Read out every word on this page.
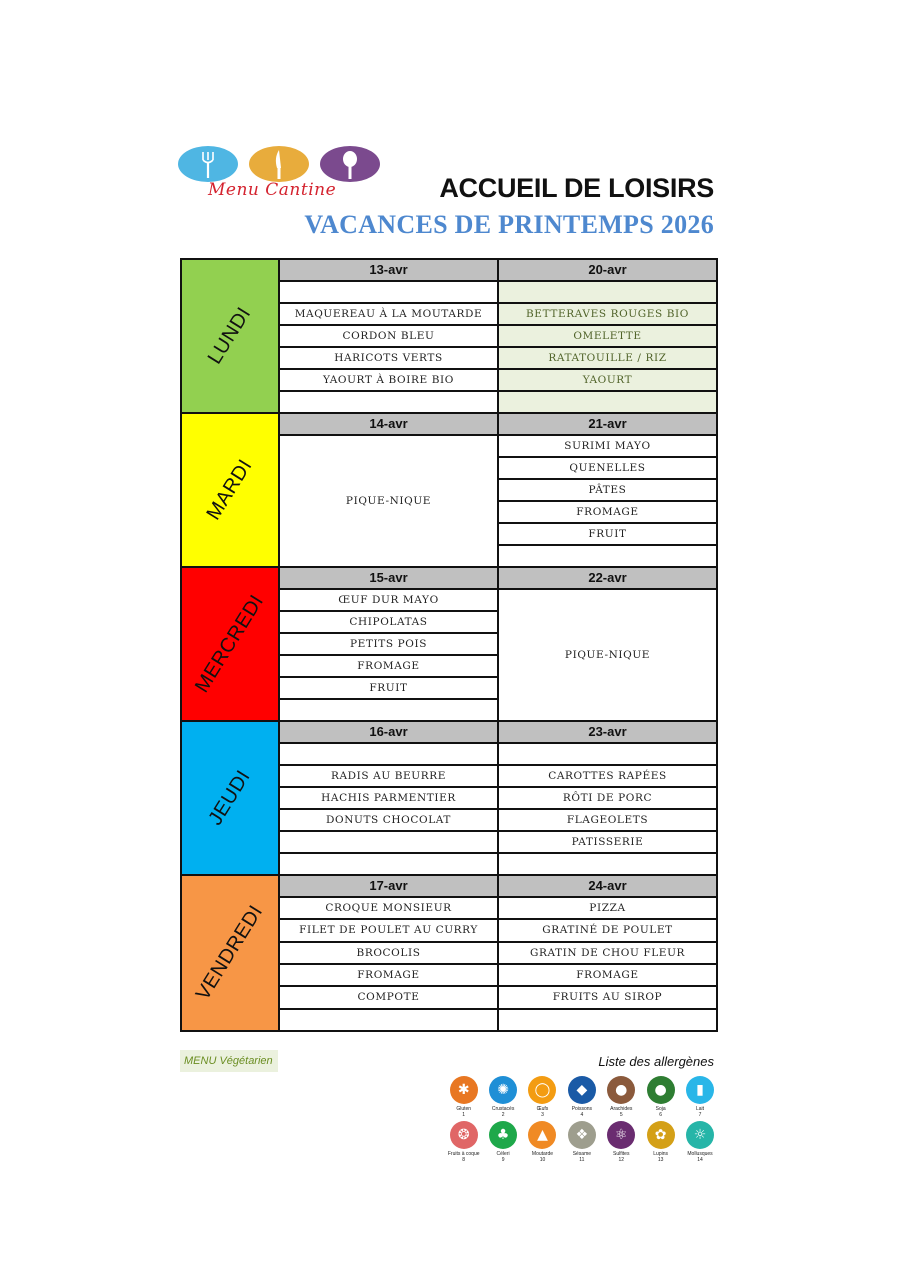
Menu Cantine	ACCUEIL DE LOISIRS
VACANCES DE PRINTEMPS 2026
LUNDI
13-avr
MAQUEREAU À LA MOUTARDE
CORDON BLEU
HARICOTS VERTS
YAOURT À BOIRE BIO
20-avr
BETTERAVES ROUGES BIO
OMELETTE
RATATOUILLE / RIZ
YAOURT
MARDI
14-avr
PIQUE-NIQUE
21-avr
SURIMI MAYO
QUENELLES
PÂTES
FROMAGE
FRUIT
MERCREDI
15-avr
ŒUF DUR MAYO
CHIPOLATAS
PETITS POIS
FROMAGE
FRUIT
22-avr
PIQUE-NIQUE
JEUDI
16-avr
RADIS AU BEURRE
HACHIS PARMENTIER
DONUTS CHOCOLAT
23-avr
CAROTTES RAPÉES
RÔTI DE PORC
FLAGEOLETS
PATISSERIE
VENDREDI
17-avr
CROQUE MONSIEUR
FILET DE POULET AU CURRY
BROCOLIS
FROMAGE
COMPOTE
24-avr
PIZZA
GRATINÉ DE POULET
GRATIN DE CHOU FLEUR
FROMAGE
FRUITS AU SIROP
MENU Végétarien	Liste des allergènes
✱
Gluten
1
✺
Crustacés
2
◯
Œufs
3
◆
Poissons
4
●
Arachides
5
●
Soja
6
▮
Lait
7
❂
Fruits à coque
8
♣
Céleri
9
▲
Moutarde
10
❖
Sésame
11
⚛
Sulfites
12
✿
Lupins
13
☼
Mollusques
14
